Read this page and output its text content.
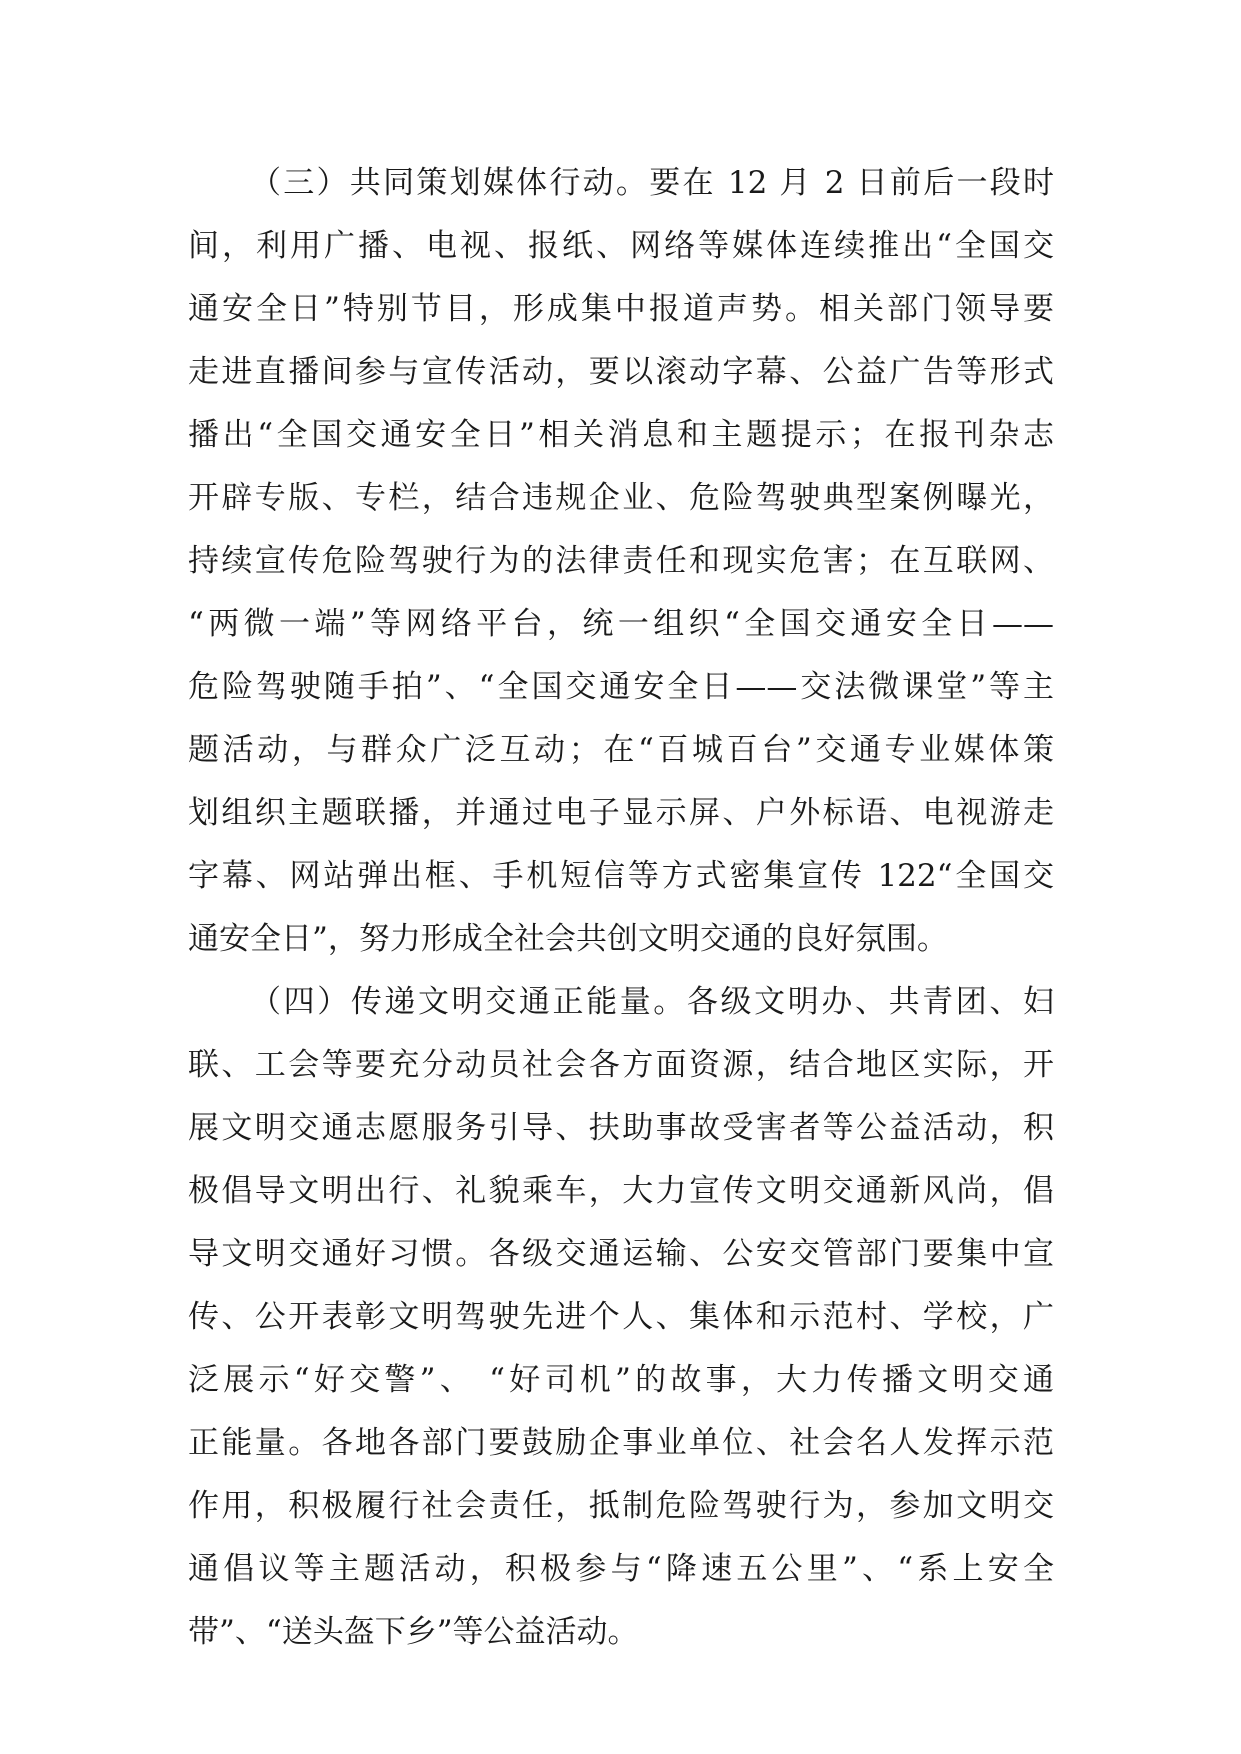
（三）共同策划媒体行动。要在 12 月 2 日前后一段时
间，利用广播、电视、报纸、网络等媒体连续推出“全国交
通安全日”特别节目，形成集中报道声势。相关部门领导要
走进直播间参与宣传活动，要以滚动字幕、公益广告等形式
播出“全国交通安全日”相关消息和主题提示；在报刊杂志
开辟专版、专栏，结合违规企业、危险驾驶典型案例曝光，
持续宣传危险驾驶行为的法律责任和现实危害；在互联网、
“两微一端”等网络平台，统一组织“全国交通安全日——
危险驾驶随手拍”、“全国交通安全日——交法微课堂”等主
题活动，与群众广泛互动；在“百城百台”交通专业媒体策
划组织主题联播，并通过电子显示屏、户外标语、电视游走
字幕、网站弹出框、手机短信等方式密集宣传 122“全国交
通安全日”，努力形成全社会共创文明交通的良好氛围。
（四）传递文明交通正能量。各级文明办、共青团、妇
联、工会等要充分动员社会各方面资源，结合地区实际，开
展文明交通志愿服务引导、扶助事故受害者等公益活动，积
极倡导文明出行、礼貌乘车，大力宣传文明交通新风尚，倡
导文明交通好习惯。各级交通运输、公安交管部门要集中宣
传、公开表彰文明驾驶先进个人、集体和示范村、学校，广
泛展示“好交警”、 “好司机”的故事，大力传播文明交通
正能量。各地各部门要鼓励企事业单位、社会名人发挥示范
作用，积极履行社会责任，抵制危险驾驶行为，参加文明交
通倡议等主题活动，积极参与“降速五公里”、“系上安全
带”、“送头盔下乡”等公益活动。
